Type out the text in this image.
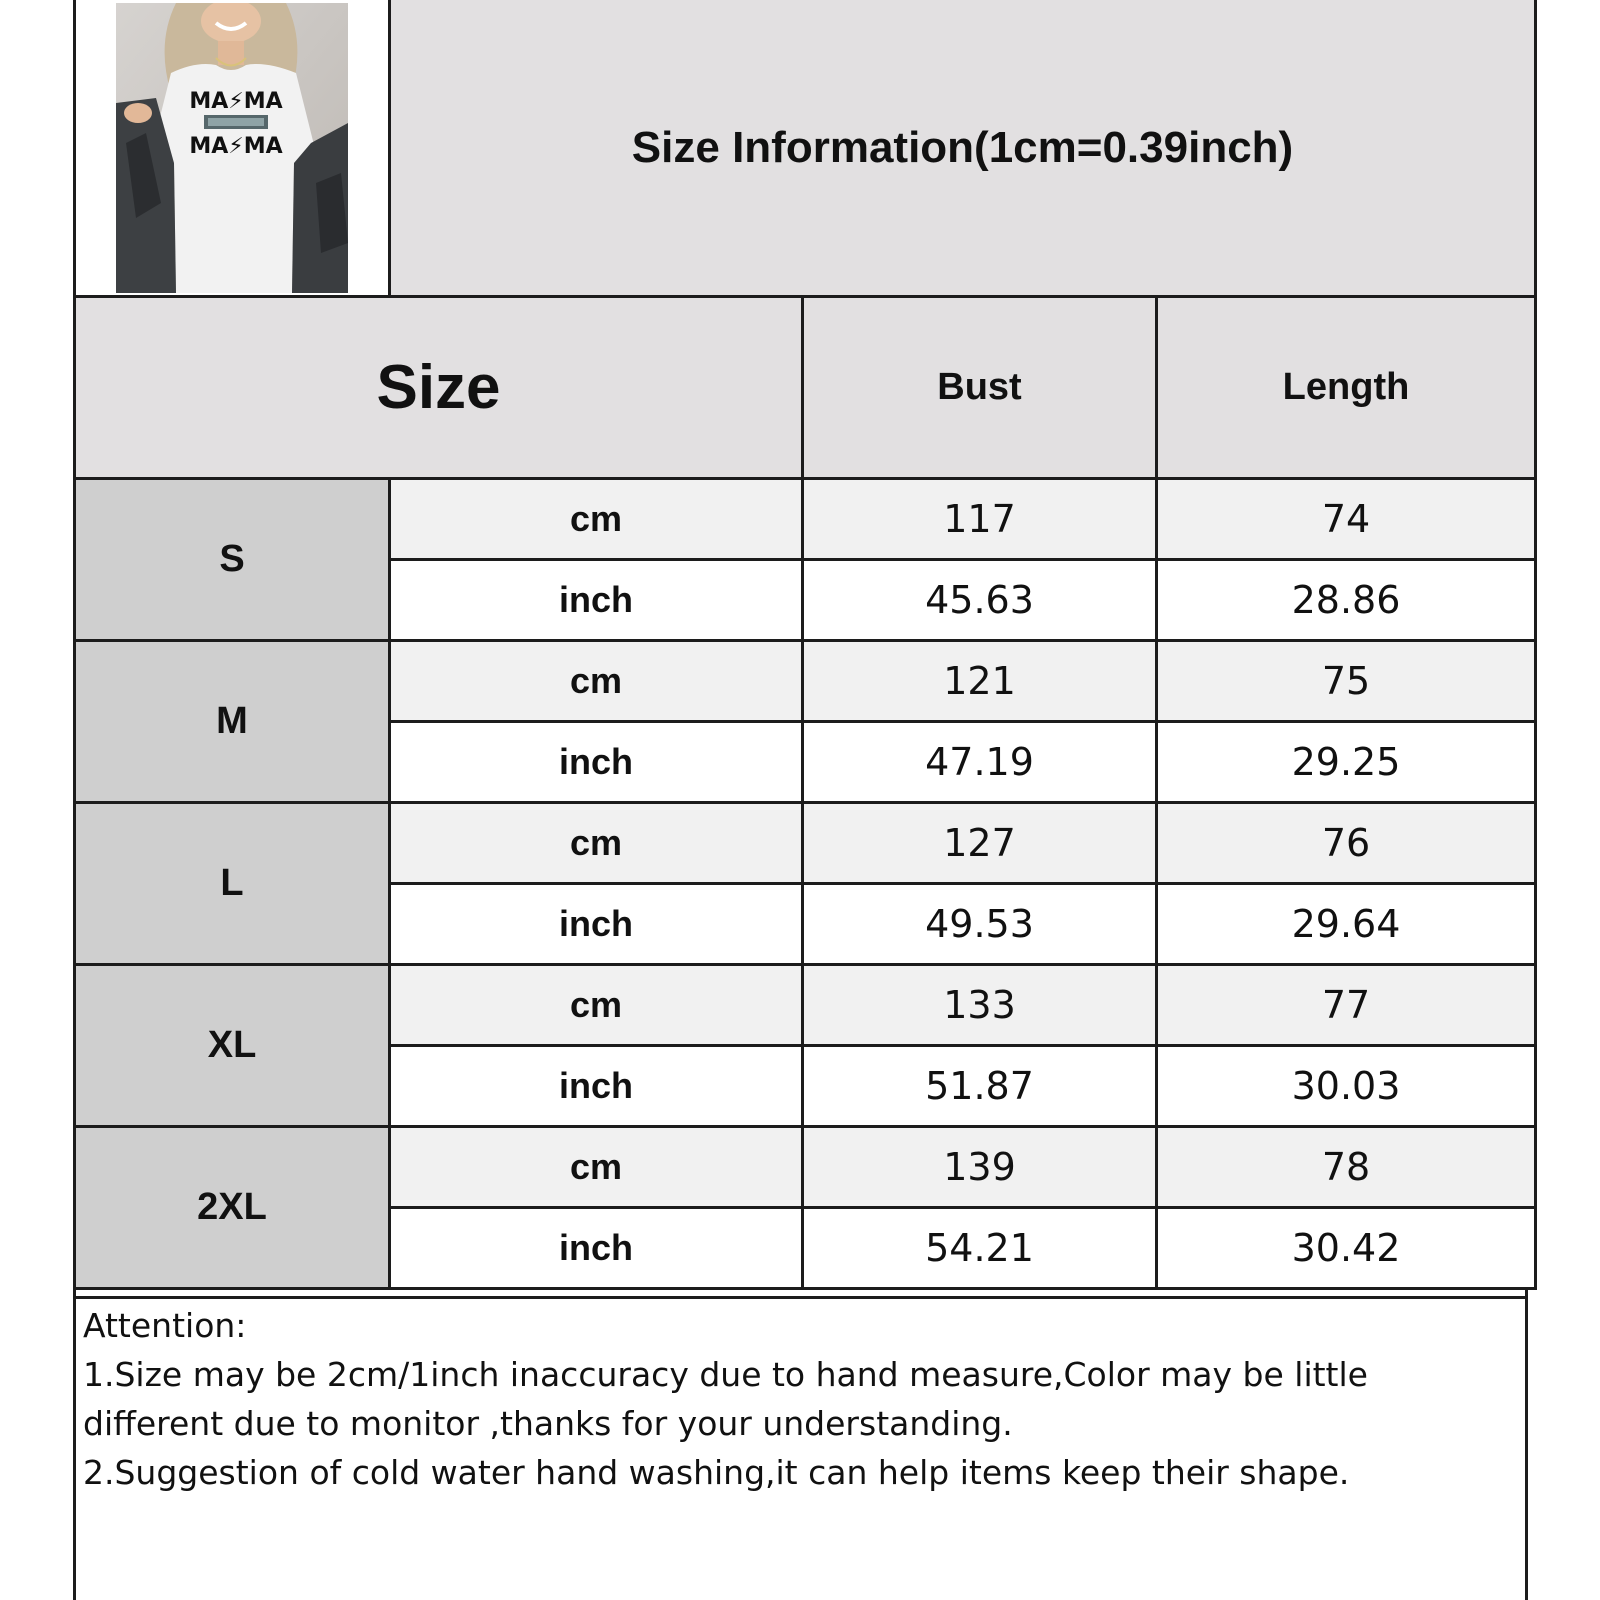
MA⚡MA
MA⚡MA	Size Information(1cm=0.39inch)
Size	Bust	Length
S
cm	117	74
inch	45.63	28.86
M
cm	121	75
inch	47.19	29.25
L
cm	127	76
inch	49.53	29.64
XL
cm	133	77
inch	51.87	30.03
2XL
cm	139	78
inch	54.21	30.42
Attention:
1.Size may be 2cm/1inch inaccuracy due to hand measure,Color may be little
different due to monitor ,thanks for your understanding.
2.Suggestion of cold water hand washing,it can help items keep their shape.
